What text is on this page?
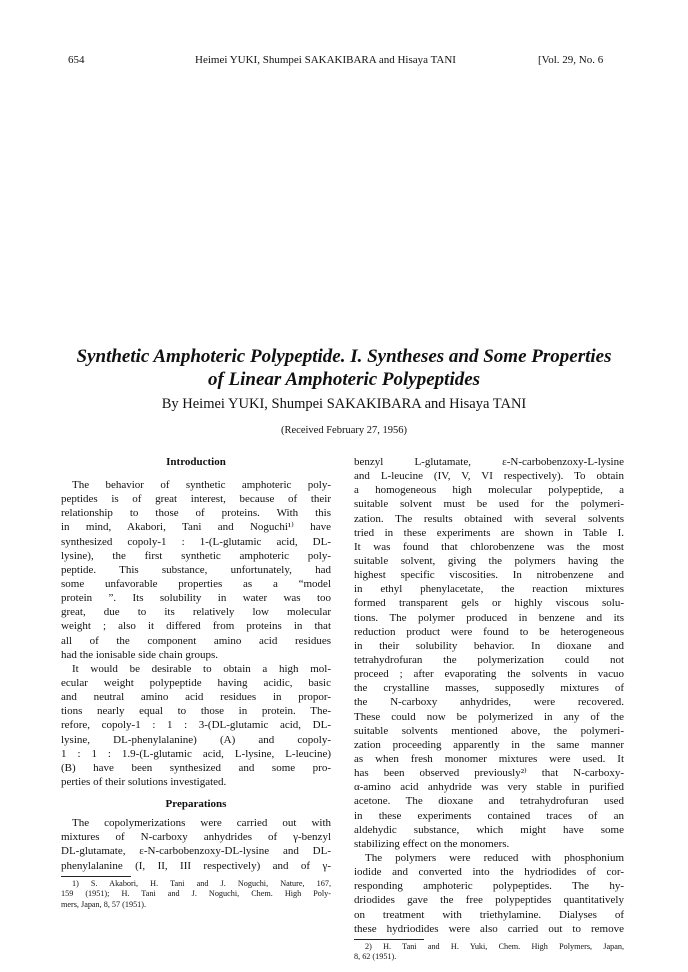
654	Heimei YUKI, Shumpei SAKAKIBARA and Hisaya TANI	[Vol. 29, No. 6
Synthetic Amphoteric Polypeptide. I. Syntheses and Some Properties
of Linear Amphoteric Polypeptides
By Heimei YUKI, Shumpei SAKAKIBARA and Hisaya TANI
(Received February 27, 1956)
Introduction
The behavior of synthetic amphoteric poly-
peptides is of great interest, because of their
relationship to those of proteins. With this
in mind, Akabori, Tani and Noguchi¹⁾ have
synthesized copoly-1 : 1-(L-glutamic acid, DL-
lysine), the first synthetic amphoteric poly-
peptide. This substance, unfortunately, had
some unfavorable properties as a “model
protein ”. Its solubility in water was too
great, due to its relatively low molecular
weight ; also it differed from proteins in that
all of the component amino acid residues
had the ionisable side chain groups.
It would be desirable to obtain a high mol-
ecular weight polypeptide having acidic, basic
and neutral amino acid residues in propor-
tions nearly equal to those in protein. The-
refore, copoly-1 : 1 : 3-(DL-glutamic acid, DL-
lysine, DL-phenylalanine) (A) and copoly-
1 : 1 : 1.9-(L-glutamic acid, L-lysine, L-leucine)
(B) have been synthesized and some pro-
perties of their solutions investigated.
Preparations
The copolymerizations were carried out with
mixtures of N-carboxy anhydrides of γ-benzyl
DL-glutamate, ε-N-carbobenzoxy-DL-lysine and DL-
phenylalanine (I, II, III respectively) and of γ-
1) S. Akabori, H. Tani and J. Noguchi, Nature, 167,
159 (1951); H. Tani and J. Noguchi, Chem. High Poly-
mers, Japan, 8, 57 (1951).
benzyl L-glutamate, ε-N-carbobenzoxy-L-lysine
and L-leucine (IV, V, VI respectively). To obtain
a homogeneous high molecular polypeptide, a
suitable solvent must be used for the polymeri-
zation. The results obtained with several solvents
tried in these experiments are shown in Table I.
It was found that chlorobenzene was the most
suitable solvent, giving the polymers having the
highest specific viscosities. In nitrobenzene and
in ethyl phenylacetate, the reaction mixtures
formed transparent gels or highly viscous solu-
tions. The polymer produced in benzene and its
reduction product were found to be heterogeneous
in their solubility behavior. In dioxane and
tetrahydrofuran the polymerization could not
proceed ; after evaporating the solvents in vacuo
the crystalline masses, supposedly mixtures of
the N-carboxy anhydrides, were recovered.
These could now be polymerized in any of the
suitable solvents mentioned above, the polymeri-
zation proceeding apparently in the same manner
as when fresh monomer mixtures were used. It
has been observed previously²⁾ that N-carboxy-
α-amino acid anhydride was very stable in purified
acetone. The dioxane and tetrahydrofuran used
in these experiments contained traces of an
aldehydic substance, which might have some
stabilizing effect on the monomers.
The polymers were reduced with phosphonium
iodide and converted into the hydriodides of cor-
responding amphoteric polypeptides. The hy-
driodides gave the free polypeptides quantitatively
on treatment with triethylamine. Dialyses of
these hydriodides were also carried out to remove
2) H. Tani and H. Yuki, Chem. High Polymers, Japan,
8, 62 (1951).
